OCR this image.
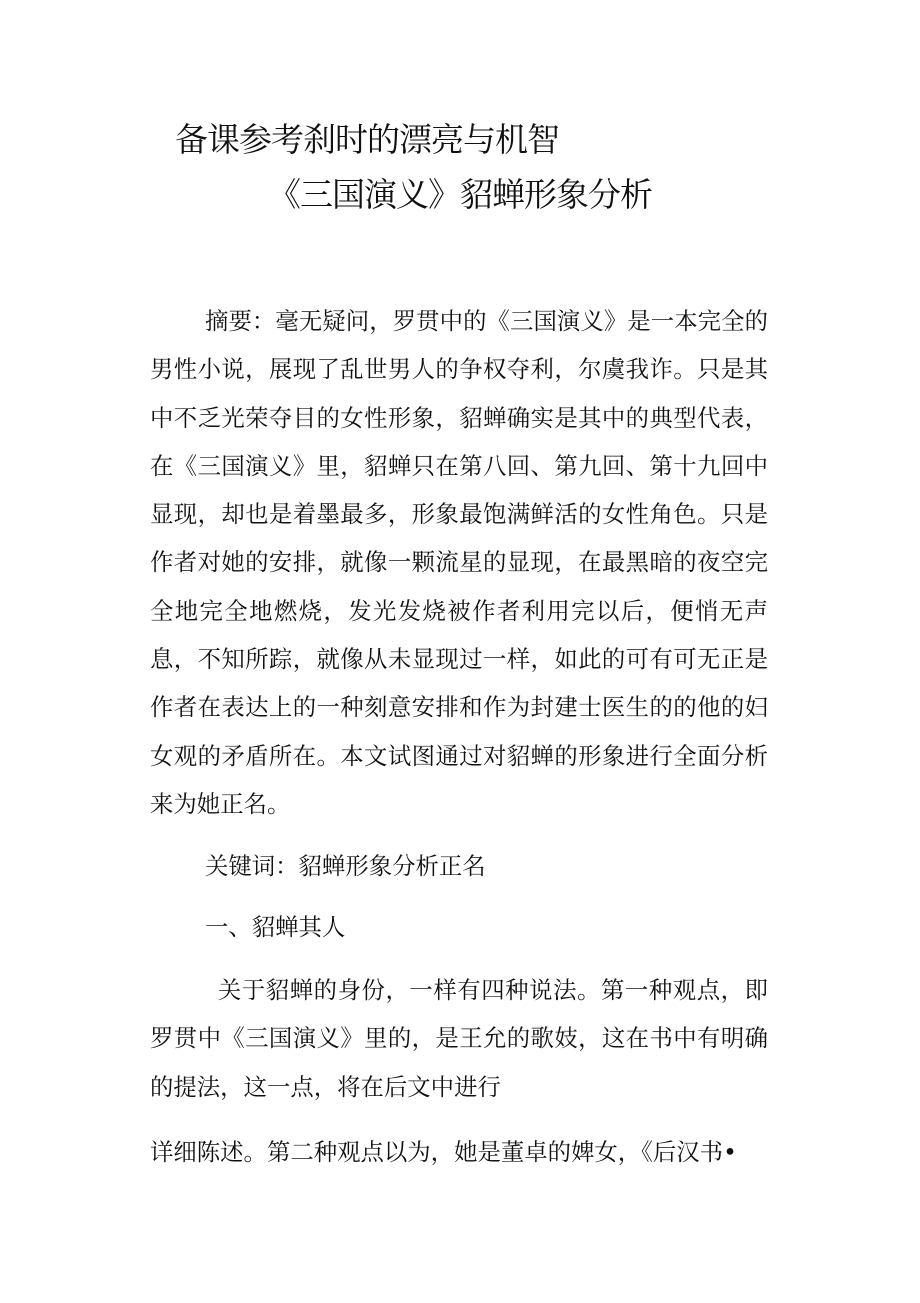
备课参考刹时的漂亮与机智
《三国演义》貂蝉形象分析

摘要：毫无疑问，罗贯中的《三国演义》是一本完全的男性小说，展现了乱世男人的争权夺利，尔虞我诈。只是其中不乏光荣夺目的女性形象，貂蝉确实是其中的典型代表，在《三国演义》里，貂蝉只在第八回、第九回、第十九回中显现，却也是着墨最多，形象最饱满鲜活的女性角色。只是作者对她的安排，就像一颗流星的显现，在最黑暗的夜空完全地完全地燃烧，发光发烧被作者利用完以后，便悄无声息，不知所踪，就像从未显现过一样，如此的可有可无正是作者在表达上的一种刻意安排和作为封建士医生的的他的妇女观的矛盾所在。本文试图通过对貂蝉的形象进行全面分析来为她正名。

关键词：貂蝉形象分析正名

一、貂蝉其人

关于貂蝉的身份，一样有四种说法。第一种观点，即罗贯中《三国演义》里的，是王允的歌妓，这在书中有明确的提法，这一点，将在后文中进行

详细陈述。第二种观点以为，她是董卓的婢女，《后汉书•
